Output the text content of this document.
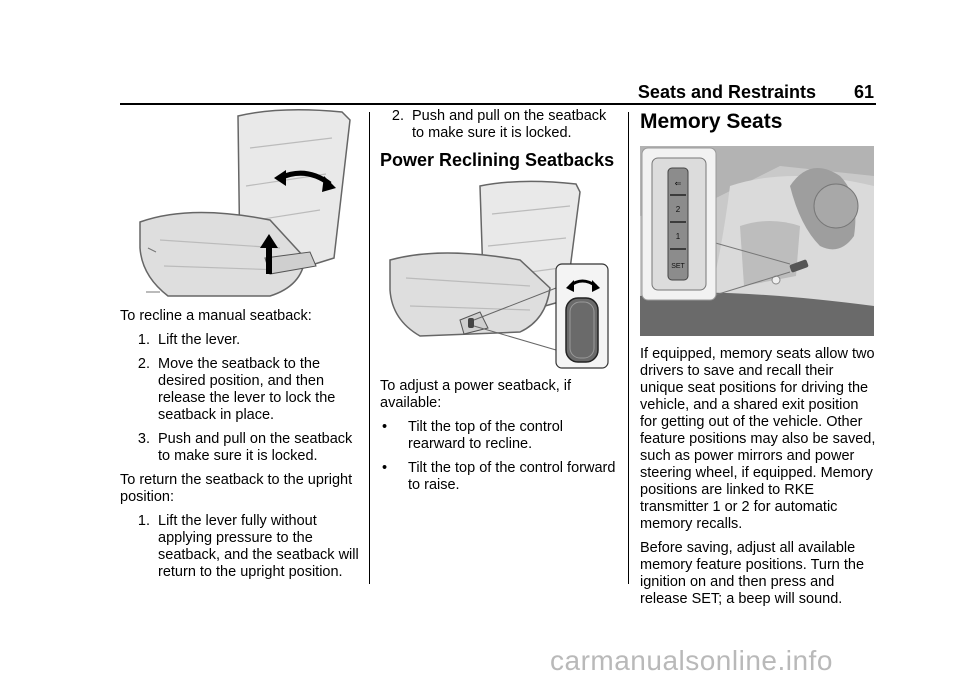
Seats and Restraints 61

To recline a manual seatback:

1. Lift the lever.
2. Move the seatback to the desired position, and then release the lever to lock the seatback in place.
3. Push and pull on the seatback to make sure it is locked.

To return the seatback to the upright position:

1. Lift the lever fully without applying pressure to the seatback, and the seatback will return to the upright position.
2. Push and pull on the seatback to make sure it is locked.
Power Reclining Seatbacks

To adjust a power seatback, if available:

•	Tilt the top of the control rearward to recline.
•	Tilt the top of the control forward to raise.
Memory Seats
⇐
2
1
SET

If equipped, memory seats allow two drivers to save and recall their unique seat positions for driving the vehicle, and a shared exit position for getting out of the vehicle. Other feature positions may also be saved, such as power mirrors and power steering wheel, if equipped. Memory positions are linked to RKE transmitter 1 or 2 for automatic memory recalls.

Before saving, adjust all available memory feature positions. Turn the ignition on and then press and release SET; a beep will sound.

carmanualsonline.info
